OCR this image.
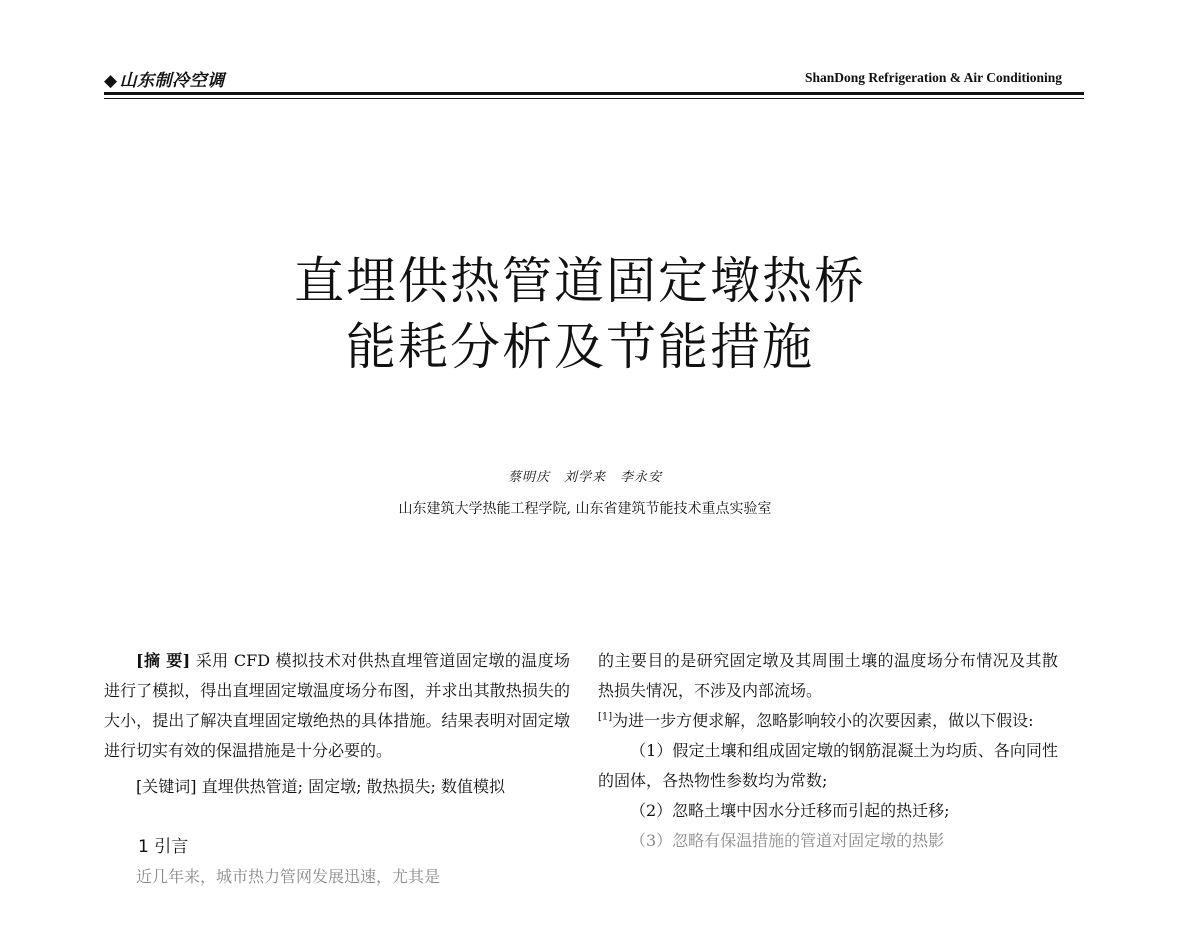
◆ 山东制冷空调	ShanDong Refrigeration & Air Conditioning
直埋供热管道固定墩热桥
能耗分析及节能措施
蔡明庆　刘学来　李永安
山东建筑大学热能工程学院, 山东省建筑节能技术重点实验室

[摘 要] 采用 CFD 模拟技术对供热直埋管道固定墩的温度场进行了模拟，得出直埋固定墩温度场分布图，并求出其散热损失的大小，提出了解决直埋固定墩绝热的具体措施。结果表明对固定墩进行切实有效的保温措施是十分必要的。

[关键词] 直埋供热管道; 固定墩; 散热损失; 数值模拟

1 引言

近几年来，城市热力管网发展迅速，尤其是

的主要目的是研究固定墩及其周围土壤的温度场分布情况及其散热损失情况，不涉及内部流场。
[1]为进一步方便求解，忽略影响较小的次要因素，做以下假设:

（1）假定土壤和组成固定墩的钢筋混凝土为均质、各向同性的固体，各热物性参数均为常数;

（2）忽略土壤中因水分迁移而引起的热迁移;

（3）忽略有保温措施的管道对固定墩的热影
